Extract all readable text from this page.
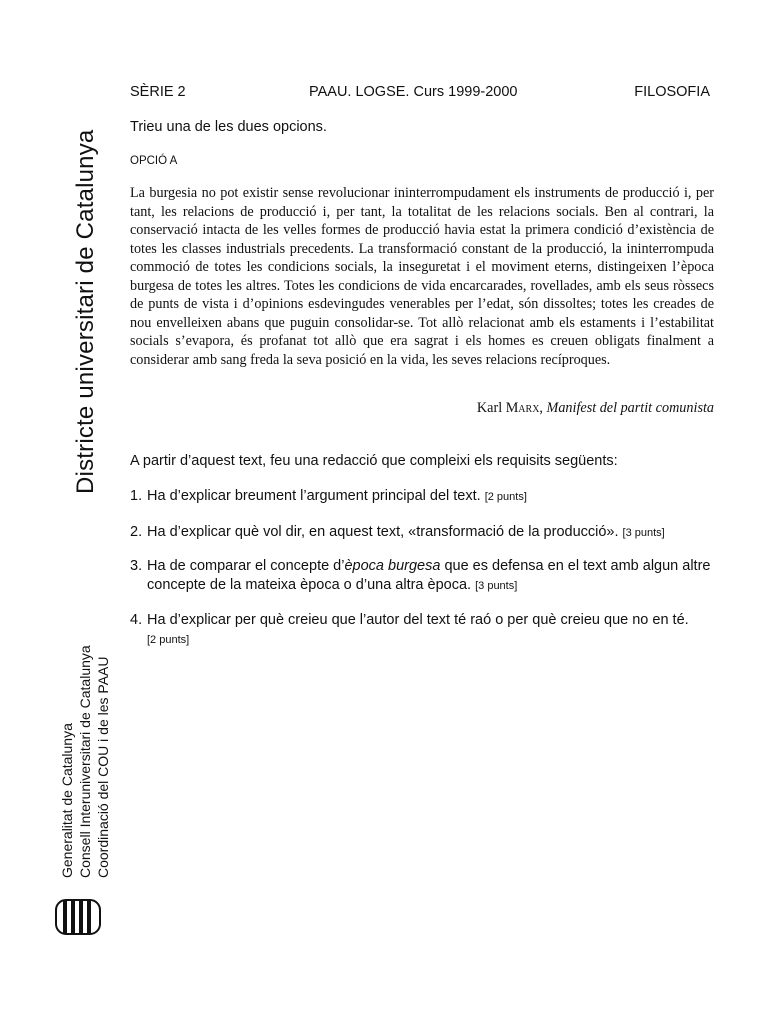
Districte universitari de Catalunya
Generalitat de Catalunya Consell Interuniversitari de Catalunya Coordinació del COU i de les PAAU
SÈRIE 2	PAAU. LOGSE. Curs 1999-2000	FILOSOFIA
Trieu una de les dues opcions.
OPCIÓ A

La burgesia no pot existir sense revolucionar ininterrompudament els instruments de producció i, per tant, les relacions de producció i, per tant, la totalitat de les relacions socials. Ben al contrari, la conservació intacta de les velles formes de producció havia estat la primera condició d’existència de totes les classes industrials precedents. La transformació constant de la producció, la ininterrompuda commoció de totes les condicions socials, la inseguretat i el moviment eterns, distingeixen l’època burgesa de totes les altres. Totes les condicions de vida encarcarades, rovellades, amb els seus ròssecs de punts de vista i d’opinions esdevingudes venerables per l’edat, són dissoltes; totes les creades de nou envelleixen abans que puguin consolidar-se. Tot allò relacionat amb els estaments i l’estabilitat socials s’evapora, és profanat tot allò que era sagrat i els homes es creuen obligats finalment a considerar amb sang freda la seva posició en la vida, les seves relacions recíproques.

Karl Marx, Manifest del partit comunista
A partir d’aquest text, feu una redacció que compleixi els requisits següents:
1. Ha d’explicar breument l’argument principal del text. [2 punts]
2. Ha d’explicar què vol dir, en aquest text, «transformació de la producció». [3 punts]
3. Ha de comparar el concepte d’època burgesa que es defensa en el text amb algun altre concepte de la mateixa època o d’una altra època. [3 punts]
4. Ha d’explicar per què creieu que l’autor del text té raó o per què creieu que no en té.
[2 punts]
